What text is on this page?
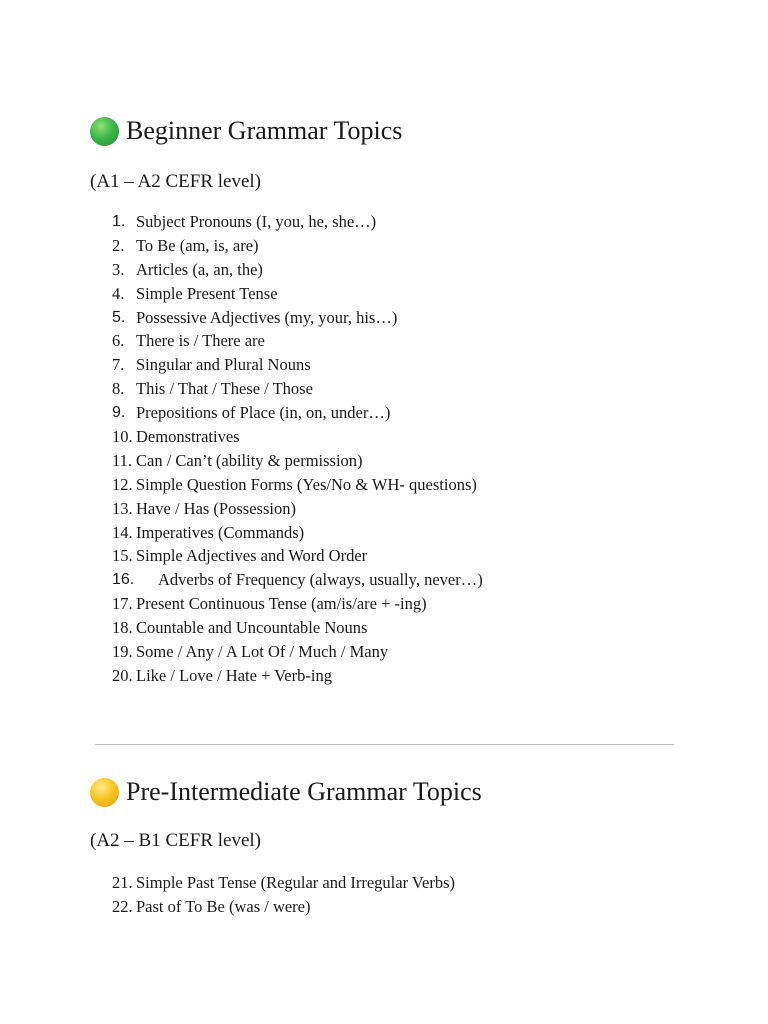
Beginner Grammar Topics
(A1 – A2 CEFR level)
1. Subject Pronouns (I, you, he, she…)
2. To Be (am, is, are)
3. Articles (a, an, the)
4. Simple Present Tense
5. Possessive Adjectives (my, your, his…)
6. There is / There are
7. Singular and Plural Nouns
8. This / That / These / Those
9. Prepositions of Place (in, on, under…)
10. Demonstratives
11. Can / Can’t (ability & permission)
12. Simple Question Forms (Yes/No & WH- questions)
13. Have / Has (Possession)
14. Imperatives (Commands)
15. Simple Adjectives and Word Order
16. Adverbs of Frequency (always, usually, never…)
17. Present Continuous Tense (am/is/are + -ing)
18. Countable and Uncountable Nouns
19. Some / Any / A Lot Of / Much / Many
20. Like / Love / Hate + Verb-ing
Pre-Intermediate Grammar Topics
(A2 – B1 CEFR level)
21. Simple Past Tense (Regular and Irregular Verbs)
22. Past of To Be (was / were)
